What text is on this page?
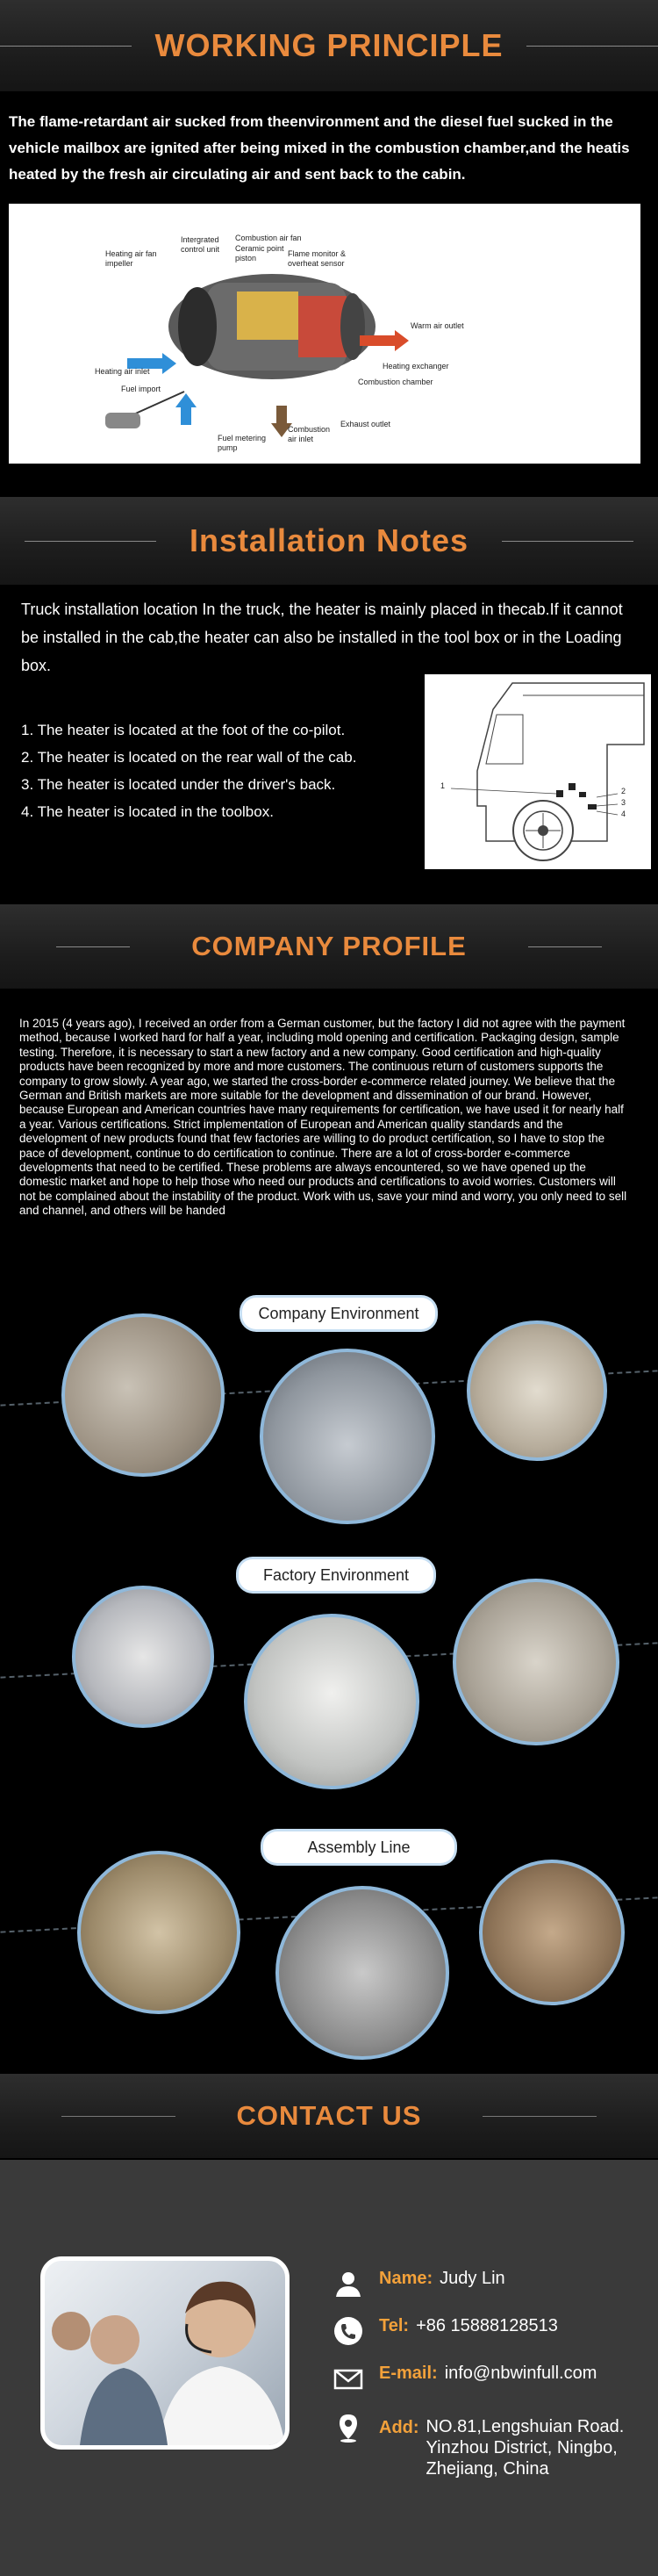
WORKING PRINCIPLE
The flame-retardant air sucked from theenvironment and the diesel fuel sucked in the vehicle mailbox are ignited after being mixed in the combustion chamber,and the heatis heated by the fresh air circulating air and sent back to the cabin.
Heating air fan impeller
Intergrated control unit
Combustion air fan
Ceramic point piston	Flame monitor & overheat sensor
Warm air outlet
Heating air inlet
Heating exchanger
Fuel import
Combustion chamber
Exhaust outlet
Fuel metering pump
Combustion air inlet
Installation Notes
Truck installation location In the truck, the heater is mainly placed in thecab.If it cannot be installed in the cab,the heater can also be installed in the tool box or in the Loading box.
1. The heater is located at the foot of the co-pilot.
2. The heater is located on the rear wall of the cab.
3. The heater is located under the driver's back.
4. The heater is located in the toolbox.
1
2
3
4
COMPANY PROFILE
In 2015 (4 years ago), I received an order from a German customer, but the factory I did not agree with the payment method, because I worked hard for half a year, including mold opening and certification. Packaging design, sample testing. Therefore, it is necessary to start a new factory and a new company. Good certification and high-quality products have been recognized by more and more customers. The continuous return of customers supports the company to grow slowly. A year ago, we started the cross-border e-commerce related journey. We believe that the German and British markets are more suitable for the development and dissemination of our brand. However, because European and American countries have many requirements for certification, we have used it for nearly half a year. Various certifications. Strict implementation of European and American quality standards and the development of new products found that few factories are willing to do product certification, so I have to stop the pace of development, continue to do certification to continue. There are a lot of cross-border e-commerce developments that need to be certified. These problems are always encountered, so we have opened up the domestic market and hope to help those who need our products and certifications to avoid worries. Customers will not be complained about the instability of the product. Work with us, save your mind and worry, you only need to sell and channel, and others will be handed
Company Environment
Factory Environment
Assembly Line
CONTACT US
Name: Judy Lin
Tel: +86 15888128513
E-mail: info@nbwinfull.com
Add: NO.81,Lengshuian Road. Yinzhou District, Ningbo, Zhejiang, China
